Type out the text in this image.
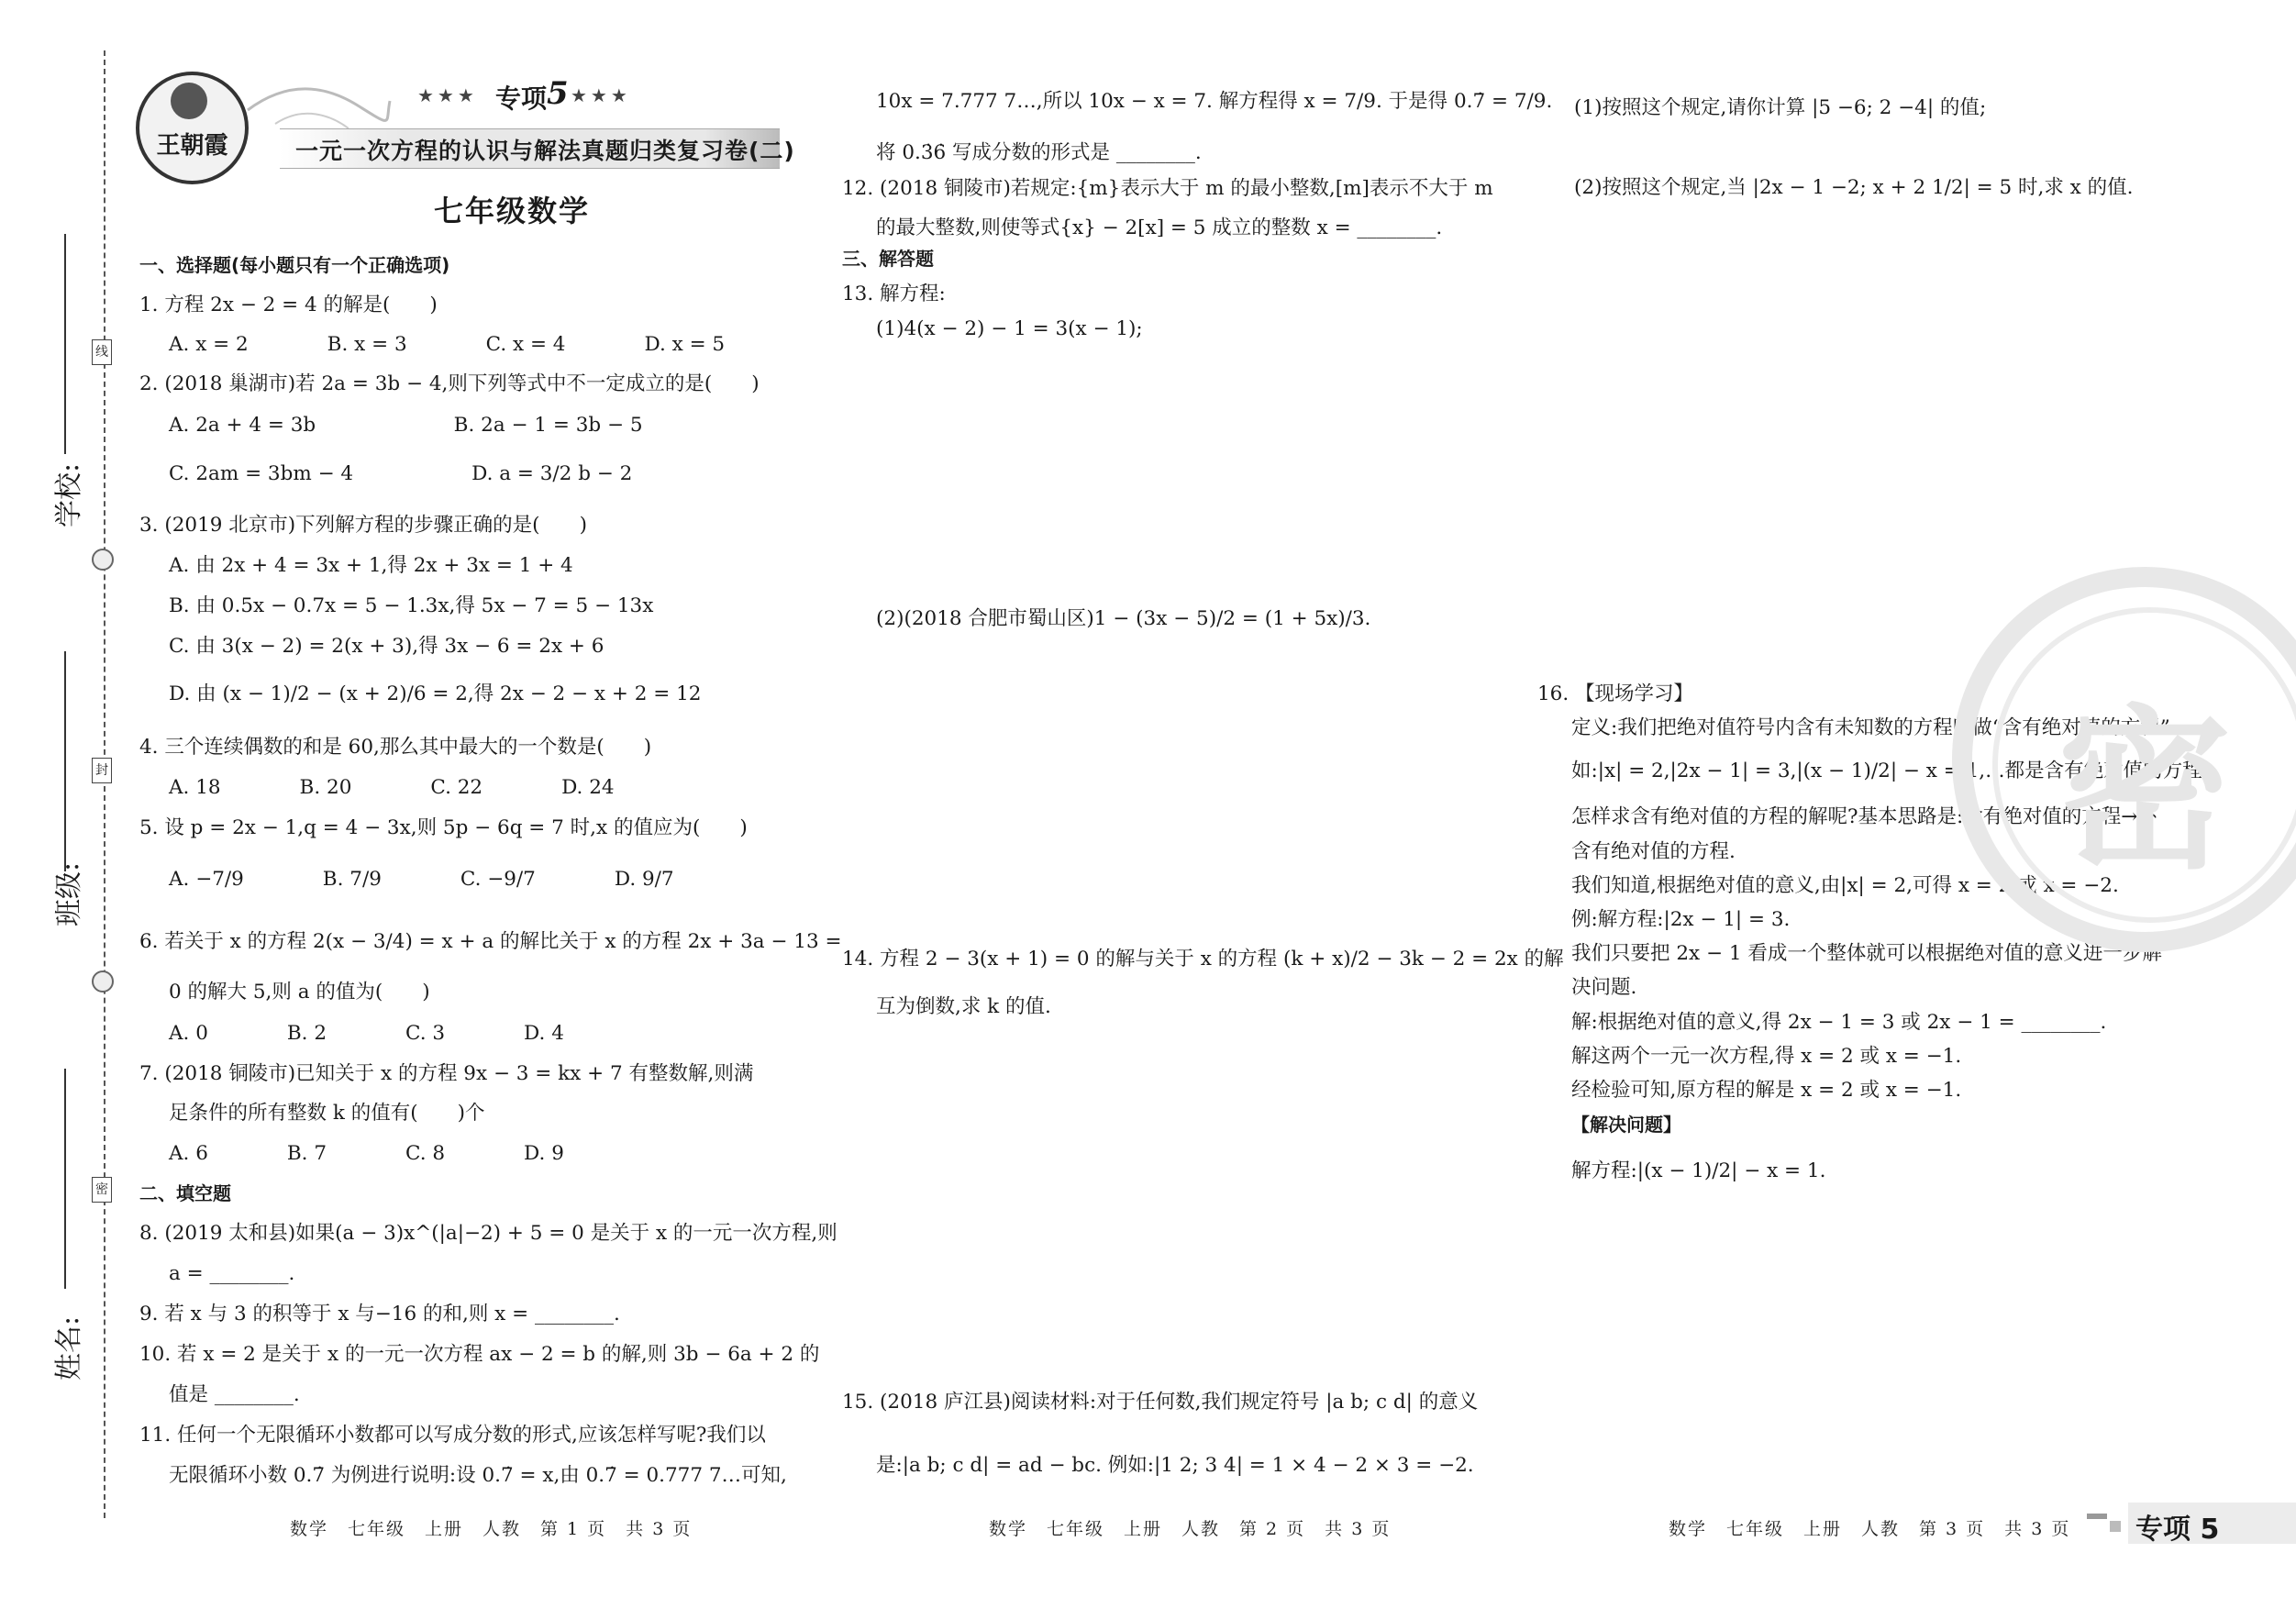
学校:
班级:
姓名:
线
封
密
王朝霞
★★★ 专项 5 ★★★
一元一次方程的认识与解法真题归类复习卷(二)
七年级数学
一、选择题(每小题只有一个正确选项)
1. 方程 2x − 2 = 4 的解是(　　)
A. x = 2　　　　B. x = 3　　　　C. x = 4　　　　D. x = 5
2. (2018 巢湖市)若 2a = 3b − 4,则下列等式中不一定成立的是(　　)
A. 2a + 4 = 3b　　　　　　　B. 2a − 1 = 3b − 5
C. 2am = 3bm − 4　　　　　　D. a = 3/2 b − 2
3. (2019 北京市)下列解方程的步骤正确的是(　　)
A. 由 2x + 4 = 3x + 1,得 2x + 3x = 1 + 4
B. 由 0.5x − 0.7x = 5 − 1.3x,得 5x − 7 = 5 − 13x
C. 由 3(x − 2) = 2(x + 3),得 3x − 6 = 2x + 6
D. 由 (x − 1)/2 − (x + 2)/6 = 2,得 2x − 2 − x + 2 = 12
4. 三个连续偶数的和是 60,那么其中最大的一个数是(　　)
A. 18　　　　B. 20　　　　C. 22　　　　D. 24
5. 设 p = 2x − 1,q = 4 − 3x,则 5p − 6q = 7 时,x 的值应为(　　)
A. −7/9　　　　B. 7/9　　　　C. −9/7　　　　D. 9/7
6. 若关于 x 的方程 2(x − 3/4) = x + a 的解比关于 x 的方程 2x + 3a − 13 =
0 的解大 5,则 a 的值为(　　)
A. 0　　　　B. 2　　　　C. 3　　　　D. 4
7. (2018 铜陵市)已知关于 x 的方程 9x − 3 = kx + 7 有整数解,则满
足条件的所有整数 k 的值有(　　)个
A. 6　　　　B. 7　　　　C. 8　　　　D. 9
二、填空题
8. (2019 太和县)如果(a − 3)x^(|a|−2) + 5 = 0 是关于 x 的一元一次方程,则
a = ________.
9. 若 x 与 3 的积等于 x 与−16 的和,则 x = ________.
10. 若 x = 2 是关于 x 的一元一次方程 ax − 2 = b 的解,则 3b − 6a + 2 的
值是 ________.
11. 任何一个无限循环小数都可以写成分数的形式,应该怎样写呢?我们以
无限循环小数 0.7̇ 为例进行说明:设 0.7̇ = x,由 0.7̇ = 0.777 7…可知,
10x = 7.777 7…,所以 10x − x = 7. 解方程得 x = 7/9. 于是得 0.7̇ = 7/9.
将 0.3̇6̇ 写成分数的形式是 ________.
12. (2018 铜陵市)若规定:{m}表示大于 m 的最小整数,[m]表示不大于 m
的最大整数,则使等式{x} − 2[x] = 5 成立的整数 x = ________.
三、解答题
13. 解方程:
(1)4(x − 2) − 1 = 3(x − 1);
(2)(2018 合肥市蜀山区)1 − (3x − 5)/2 = (1 + 5x)/3.
14. 方程 2 − 3(x + 1) = 0 的解与关于 x 的方程 (k + x)/2 − 3k − 2 = 2x 的解
互为倒数,求 k 的值.
15. (2018 庐江县)阅读材料:对于任何数,我们规定符号 |a b; c d| 的意义
是:|a b; c d| = ad − bc. 例如:|1 2; 3 4| = 1 × 4 − 2 × 3 = −2.
(1)按照这个规定,请你计算 |5 −6; 2 −4| 的值;
(2)按照这个规定,当 |2x − 1 −2; x + 2 1/2| = 5 时,求 x 的值.
16. 【现场学习】
定义:我们把绝对值符号内含有未知数的方程叫做“含有绝对值的方程”.
如:|x| = 2,|2x − 1| = 3,|(x − 1)/2| − x = 1,…都是含有绝对值的方程.
怎样求含有绝对值的方程的解呢?基本思路是:含有绝对值的方程→不
含有绝对值的方程.
我们知道,根据绝对值的意义,由|x| = 2,可得 x = 2 或 x = −2.
例:解方程:|2x − 1| = 3.
我们只要把 2x − 1 看成一个整体就可以根据绝对值的意义进一步解
决问题.
解:根据绝对值的意义,得 2x − 1 = 3 或 2x − 1 = ________.
解这两个一元一次方程,得 x = 2 或 x = −1.
经检验可知,原方程的解是 x = 2 或 x = −1.
【解决问题】
解方程:|(x − 1)/2| − x = 1.
密
数学　七年级　上册　人教　第 1 页　共 3 页	数学　七年级　上册　人教　第 2 页　共 3 页	数学　七年级　上册　人教　第 3 页　共 3 页 专项 5
